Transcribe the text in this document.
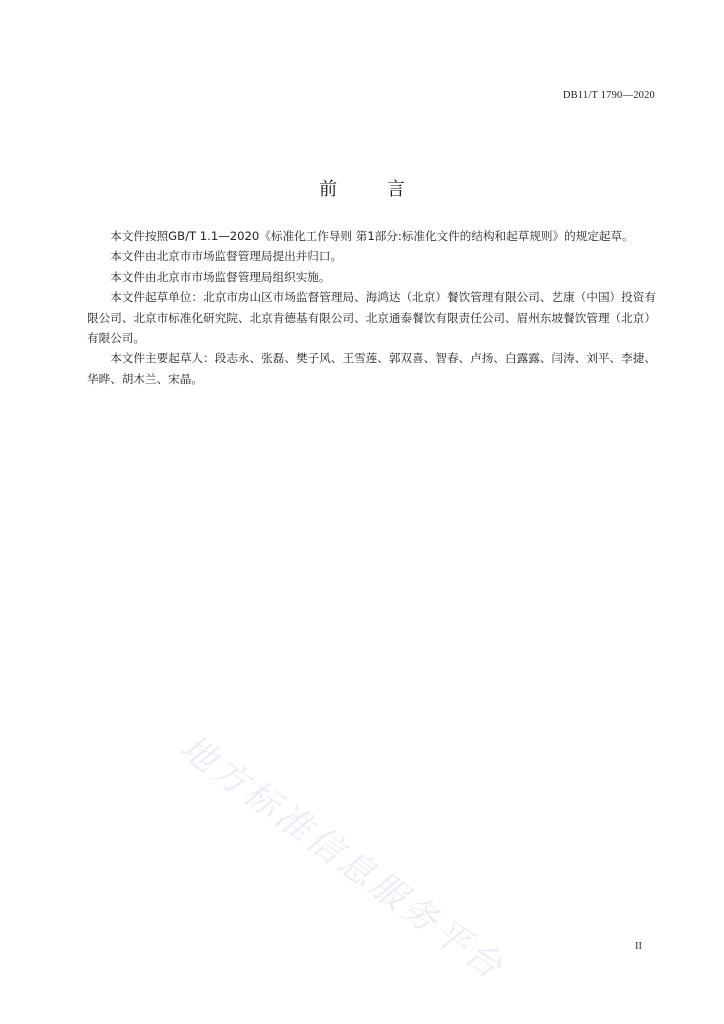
DB11/T 1790—2020
前 言

本文件按照GB/T 1.1—2020《标准化工作导则 第1部分:标准化文件的结构和起草规则》的规定起草。

本文件由北京市市场监督管理局提出并归口。

本文件由北京市市场监督管理局组织实施。

本文件起草单位：北京市房山区市场监督管理局、海鸿达（北京）餐饮管理有限公司、艺康（中国）投资有限公司、北京市标准化研究院、北京肯德基有限公司、北京通泰餐饮有限责任公司、眉州东坡餐饮管理（北京）有限公司。

本文件主要起草人：段志永、张磊、樊子风、王雪莲、郭双喜、智春、卢扬、白露露、闫涛、刘平、李捷、华晔、胡木兰、宋晶。

地方标准信息服务平台	II
